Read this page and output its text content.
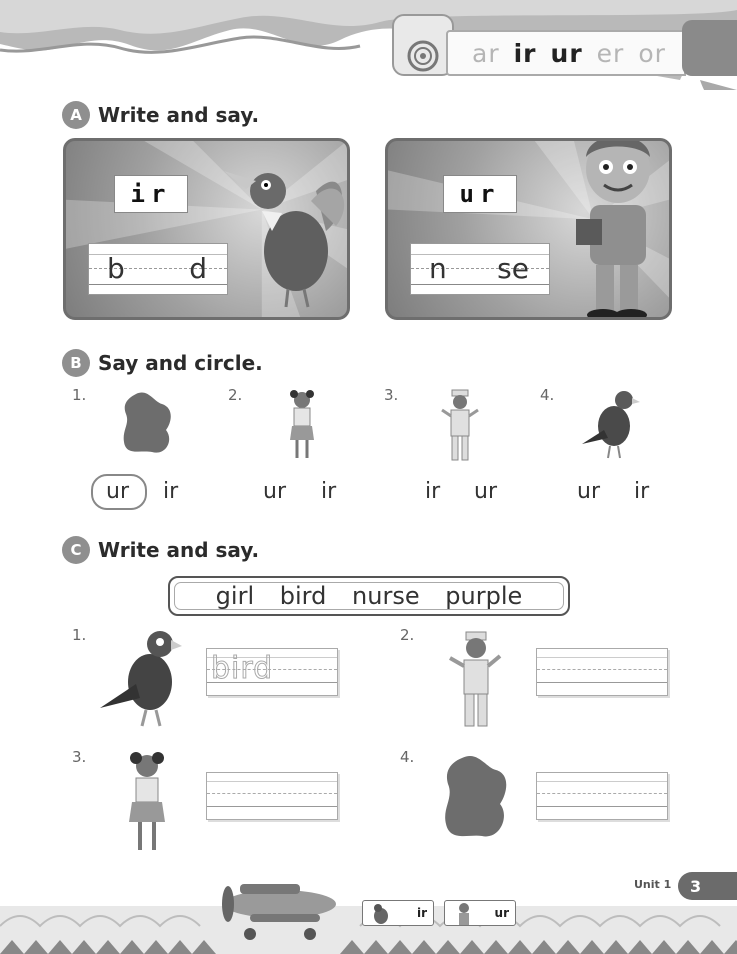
ar ir ur er or
A Write and say.
ir
b d
ur
n se
B Say and circle.
1.	2.	3.	4.
ur ir	ur ir	ir ur	ur ir
C Write and say.
girl bird nurse purple
1.	2.
3.	4.
bird
ir	ur
Unit 1	3
